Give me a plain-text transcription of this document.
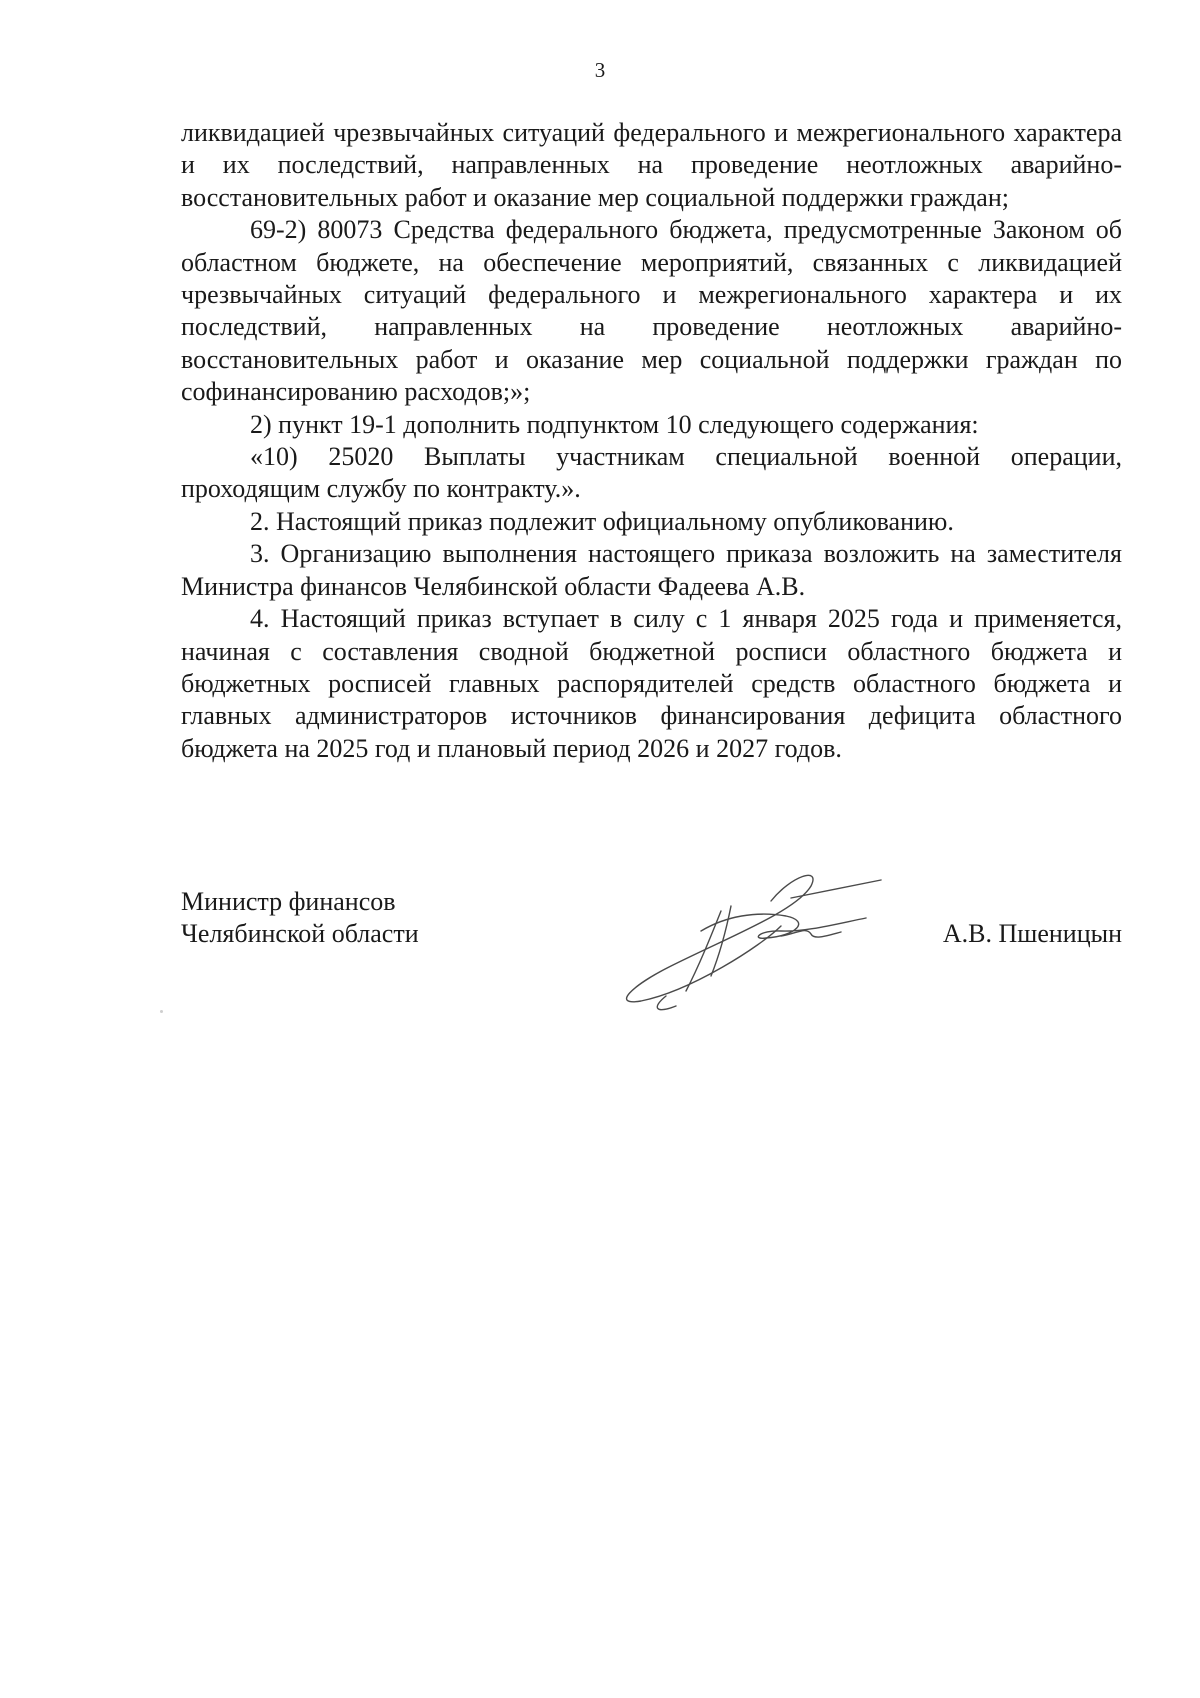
3

ликвидацией чрезвычайных ситуаций федерального и межрегионального характера и их последствий, направленных на проведение неотложных аварийно-восстановительных работ и оказание мер социальной поддержки граждан;

69-2) 80073 Средства федерального бюджета, предусмотренные Законом об областном бюджете, на обеспечение мероприятий, связанных с ликвидацией чрезвычайных ситуаций федерального и межрегионального характера и их последствий, направленных на проведение неотложных аварийно-восстановительных работ и оказание мер социальной поддержки граждан по софинансированию расходов;»;

2) пункт 19-1 дополнить подпунктом 10 следующего содержания:

«10) 25020 Выплаты участникам специальной военной операции, проходящим службу по контракту.».

2. Настоящий приказ подлежит официальному опубликованию.

3. Организацию выполнения настоящего приказа возложить на заместителя Министра финансов Челябинской области Фадеева А.В.

4. Настоящий приказ вступает в силу с 1 января 2025 года и применяется, начиная с составления сводной бюджетной росписи областного бюджета и бюджетных росписей главных распорядителей средств областного бюджета и главных администраторов источников финансирования дефицита областного бюджета на 2025 год и плановый период 2026 и 2027 годов.

Министр финансов
Челябинской области	А.В. Пшеницын
